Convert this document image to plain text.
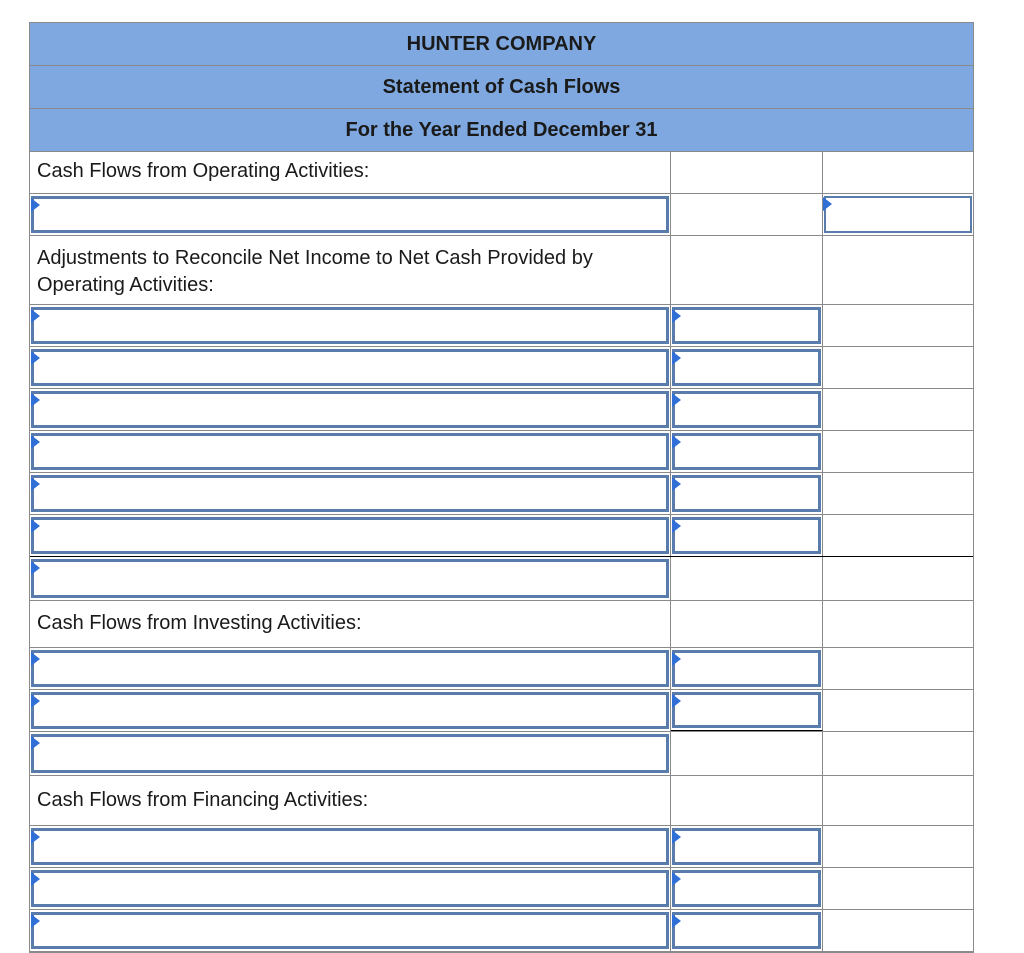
HUNTER COMPANY
Statement of Cash Flows
For the Year Ended December 31
Cash Flows from Operating Activities:
Adjustments to Reconcile Net Income to Net Cash Provided by Operating Activities:
Cash Flows from Investing Activities:
Cash Flows from Financing Activities:
